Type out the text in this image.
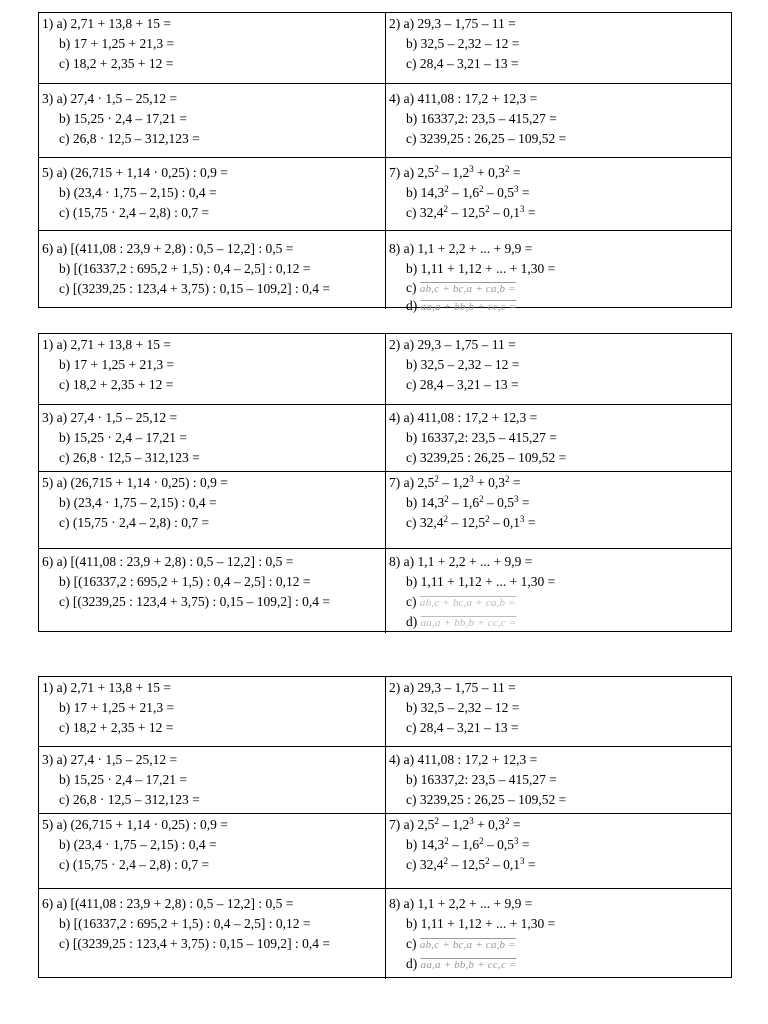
1) a) 2,71 + 13,8 + 15 =
b) 17 + 1,25 + 21,3 =
c) 18,2 + 2,35 + 12 =
2) a) 29,3 – 1,75 – 11 =
b) 32,5 – 2,32 – 12 =
c) 28,4 – 3,21 – 13 =
3) a) 27,4 · 1,5 – 25,12 =
b) 15,25 · 2,4 – 17,21 =
c) 26,8 · 12,5 – 312,123 =
4) a) 411,08 : 17,2 + 12,3 =
b) 16337,2: 23,5 – 415,27 =
c) 3239,25 : 26,25 – 109,52 =
5) a) (26,715 + 1,14 · 0,25) : 0,9 =
b) (23,4 · 1,75 – 2,15) : 0,4 =
c) (15,75 · 2,4 – 2,8) : 0,7 =
7) a) $2,5^2 - 1,2^3 + 0,3^2$ =
b) $14,3^2 - 1,6^2 - 0,5^3$ =
c) $32,4^2 - 12,5^2 - 0,1^3$ =
6) a) [(411,08 : 23,9 + 2,8) : 0,5 – 12,2] : 0,5 =
b) [(16337,2 : 695,2 + 1,5) : 0,4 – 2,5] : 0,12 =
c) [(3239,25 : 123,4 + 3,75) : 0,15 – 109,2] : 0,4 =
8) a) 1,1 + 2,2 + ... + 9,9 =
b) 1,11 + 1,12 + ... + 1,30 =
c) ab,c + bc,a + ca,b =
d) aa,a + bb,b + cc,c =
1) a) 2,71 + 13,8 + 15 =
b) 17 + 1,25 + 21,3 =
c) 18,2 + 2,35 + 12 =
2) a) 29,3 – 1,75 – 11 =
b) 32,5 – 2,32 – 12 =
c) 28,4 – 3,21 – 13 =
3) a) 27,4 · 1,5 – 25,12 =
b) 15,25 · 2,4 – 17,21 =
c) 26,8 · 12,5 – 312,123 =
4) a) 411,08 : 17,2 + 12,3 =
b) 16337,2: 23,5 – 415,27 =
c) 3239,25 : 26,25 – 109,52 =
5) a) (26,715 + 1,14 · 0,25) : 0,9 =
b) (23,4 · 1,75 – 2,15) : 0,4 =
c) (15,75 · 2,4 – 2,8) : 0,7 =
7) a) $2,5^2 - 1,2^3 + 0,3^2$ =
b) $14,3^2 - 1,6^2 - 0,5^3$ =
c) $32,4^2 - 12,5^2 - 0,1^3$ =
6) a) [(411,08 : 23,9 + 2,8) : 0,5 – 12,2] : 0,5 =
b) [(16337,2 : 695,2 + 1,5) : 0,4 – 2,5] : 0,12 =
c) [(3239,25 : 123,4 + 3,75) : 0,15 – 109,2] : 0,4 =
8) a) 1,1 + 2,2 + ... + 9,9 =
b) 1,11 + 1,12 + ... + 1,30 =
c) ab,c + bc,a + ca,b =
d) aa,a + bb,b + cc,c =
1) a) 2,71 + 13,8 + 15 =
b) 17 + 1,25 + 21,3 =
c) 18,2 + 2,35 + 12 =
2) a) 29,3 – 1,75 – 11 =
b) 32,5 – 2,32 – 12 =
c) 28,4 – 3,21 – 13 =
3) a) 27,4 · 1,5 – 25,12 =
b) 15,25 · 2,4 – 17,21 =
c) 26,8 · 12,5 – 312,123 =
4) a) 411,08 : 17,2 + 12,3 =
b) 16337,2: 23,5 – 415,27 =
c) 3239,25 : 26,25 – 109,52 =
5) a) (26,715 + 1,14 · 0,25) : 0,9 =
b) (23,4 · 1,75 – 2,15) : 0,4 =
c) (15,75 · 2,4 – 2,8) : 0,7 =
7) a) $2,5^2 - 1,2^3 + 0,3^2$ =
b) $14,3^2 - 1,6^2 - 0,5^3$ =
c) $32,4^2 - 12,5^2 - 0,1^3$ =
6) a) [(411,08 : 23,9 + 2,8) : 0,5 – 12,2] : 0,5 =
b) [(16337,2 : 695,2 + 1,5) : 0,4 – 2,5] : 0,12 =
c) [(3239,25 : 123,4 + 3,75) : 0,15 – 109,2] : 0,4 =
8) a) 1,1 + 2,2 + ... + 9,9 =
b) 1,11 + 1,12 + ... + 1,30 =
c) ab,c + bc,a + ca,b =
d) aa,a + bb,b + cc,c =
